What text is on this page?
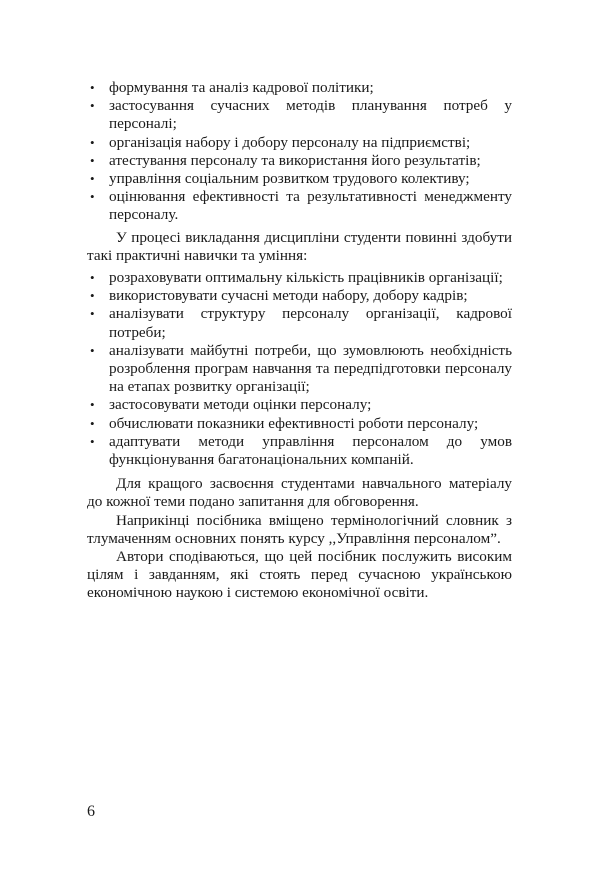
• формування та аналіз кадрової політики;
• застосування сучасних методів планування потреб у персоналі;
• організація набору і добору персоналу на підприємстві;
• атестування персоналу та використання його результатів;
• управління соціальним розвитком трудового колективу;
• оцінювання ефективності та результативності менеджменту персоналу.

У процесі викладання дисципліни студенти повинні здобути такі практичні навички та уміння:

• розраховувати оптимальну кількість працівників організації;
• використовувати сучасні методи набору, добору кадрів;
• аналізувати структуру персоналу організації, кадрової потреби;
• аналізувати майбутні потреби, що зумовлюють необхідність розроблення програм навчання та передпідготовки персоналу на етапах розвитку організації;
• застосовувати методи оцінки персоналу;
• обчислювати показники ефективності роботи персоналу;
• адаптувати методи управління персоналом до умов функціонування багатонаціональних компаній.

Для кращого засвоєння студентами навчального матеріалу до кожної теми подано запитання для обговорення.

Наприкінці посібника вміщено термінологічний словник з тлумаченням основних понять курсу ,,Управління персоналом”.

Автори сподіваються, що цей посібник послужить високим цілям і завданням, які стоять перед сучасною українською економічною наукою і системою економічної освіти.

6
